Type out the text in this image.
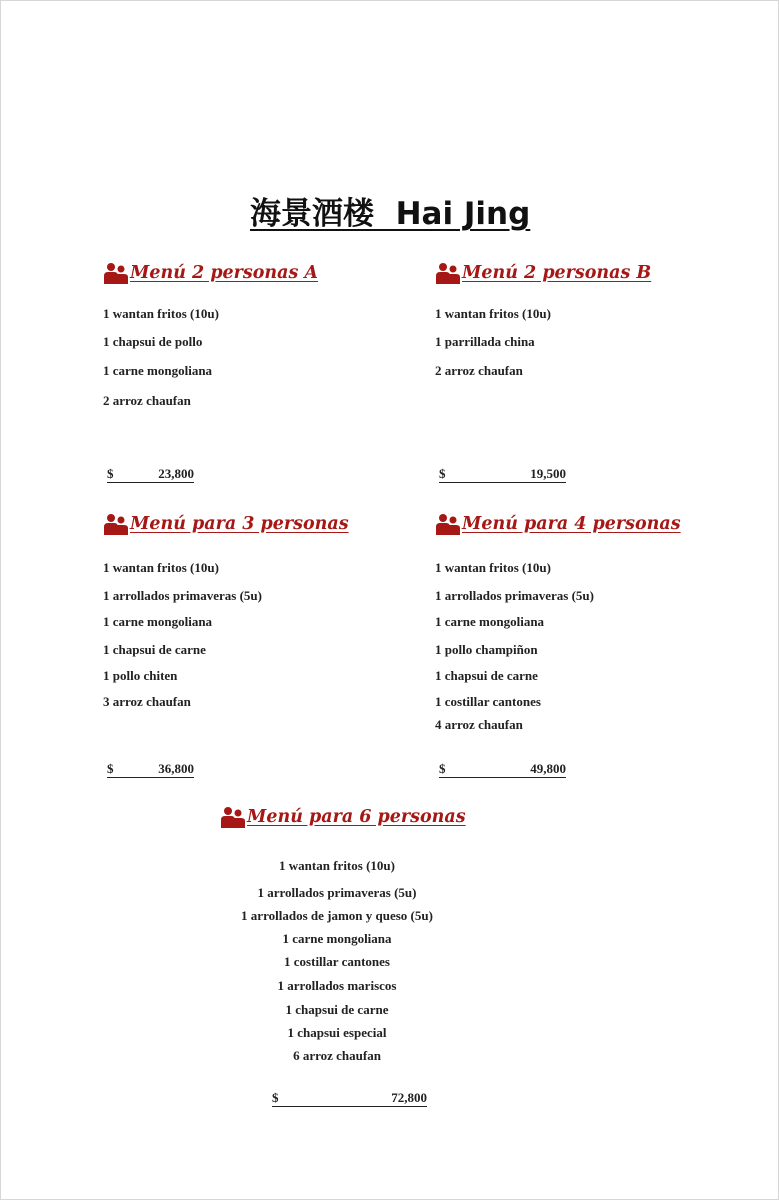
海景酒楼  Hai Jing
Menú 2 personas A
1 wantan fritos (10u)
1 chapsui de pollo
1 carne mongoliana
2 arroz chaufan
$	23,800
Menú 2 personas B
1 wantan fritos (10u)
1 parrillada china
2 arroz chaufan
$	19,500
Menú para 3 personas
1 wantan fritos (10u)
1 arrollados primaveras (5u)
1 carne mongoliana
1 chapsui de carne
1 pollo chiten
3 arroz chaufan
$	36,800
Menú para 4 personas
1 wantan fritos (10u)
1 arrollados primaveras (5u)
1 carne mongoliana
1 pollo champiñon
1 chapsui de carne
1 costillar cantones
4 arroz chaufan
$	49,800
Menú para 6 personas
1 wantan fritos (10u)
1 arrollados primaveras (5u)
1 arrollados de jamon y queso (5u)
1 carne mongoliana
1 costillar cantones
1 arrollados mariscos
1 chapsui de carne
1 chapsui especial
6 arroz chaufan
$	72,800
